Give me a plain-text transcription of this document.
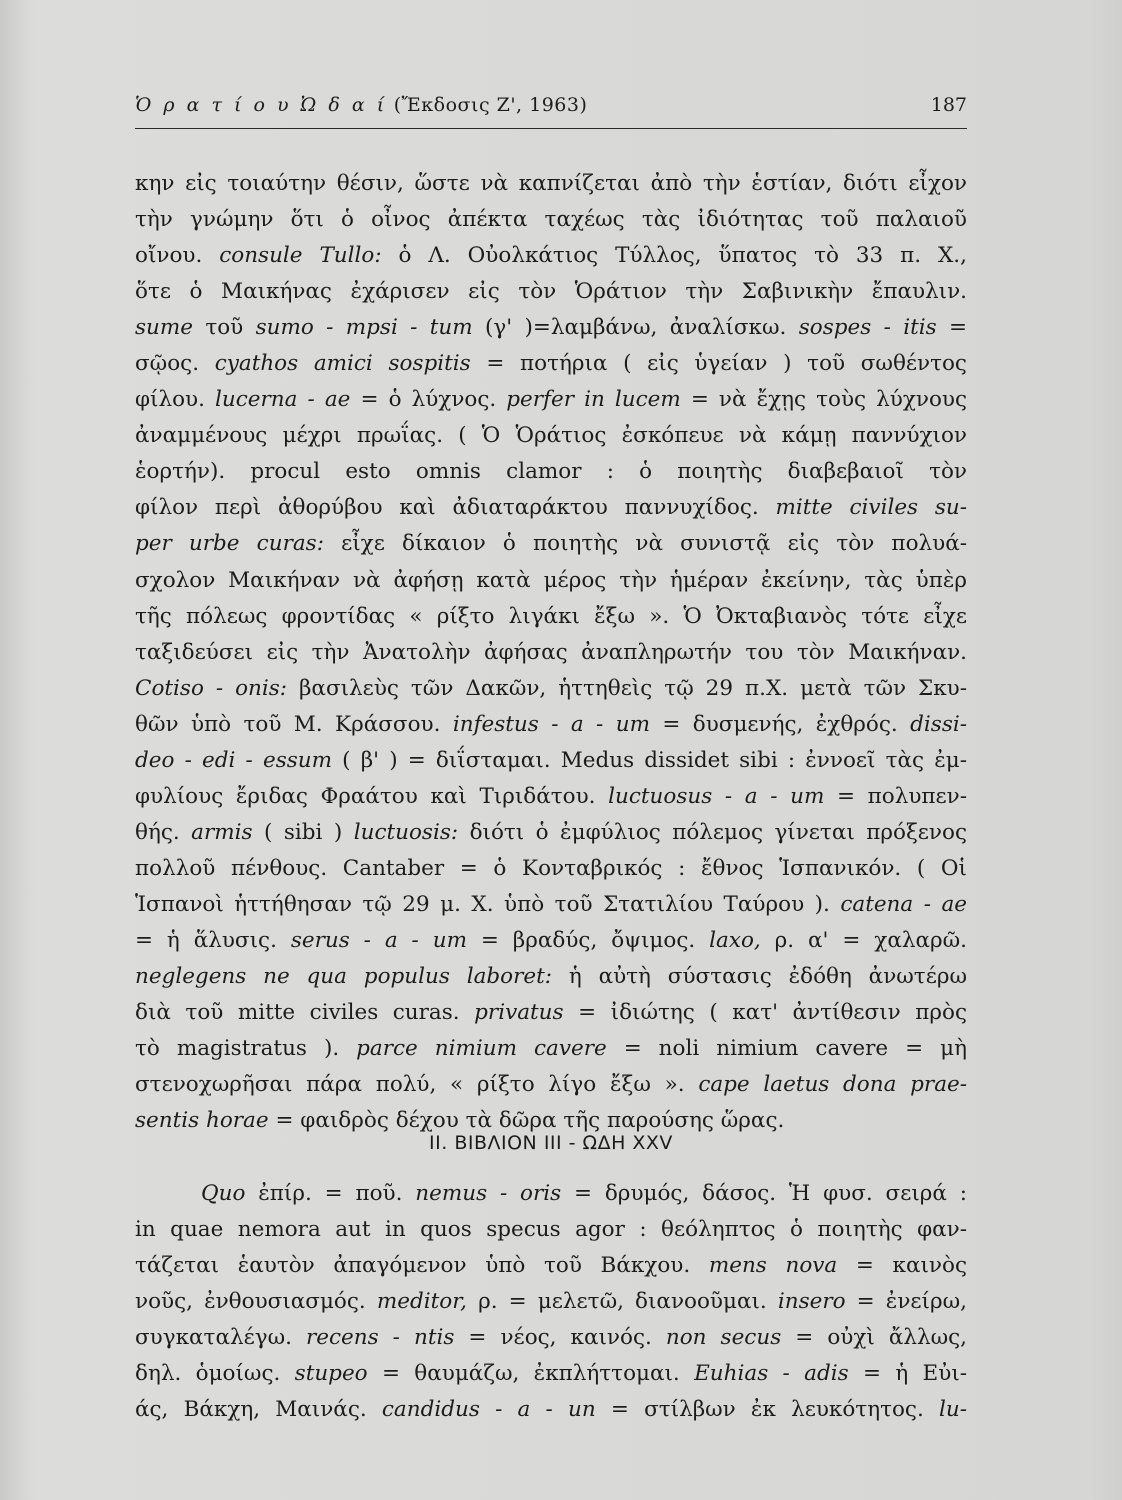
Ὁ ρ α τ ί ο υ Ὠ δ α ί (Ἔκδοσις Ζ', 1963)	187
κην εἰς τοιαύτην θέσιν, ὥστε νὰ καπνίζεται ἀπὸ τὴν ἑστίαν, διότι εἶχον
τὴν γνώμην ὅτι ὁ οἶνος ἀπέκτα ταχέως τὰς ἰδιότητας τοῦ παλαιοῦ
οἴνου. consule Tullo: ὁ Λ. Οὐολκάτιος Τύλλος, ὕπατος τὸ 33 π. Χ.,
ὅτε ὁ Μαικήνας ἐχάρισεν εἰς τὸν Ὁράτιον τὴν Σαβινικὴν ἔπαυλιν.
sume τοῦ sumo - mpsi - tum (γ' )=λαμβάνω, ἀναλίσκω. sospes - itis =
σῷος. cyathos amici sospitis = ποτήρια ( εἰς ὑγείαν ) τοῦ σωθέντος
φίλου. lucerna - ae = ὁ λύχνος. perfer in lucem = νὰ ἔχῃς τοὺς λύχνους
ἀναμμένους μέχρι πρωΐας. ( Ὁ Ὁράτιος ἐσκόπευε νὰ κάμῃ παννύχιον
ἑορτήν). procul esto omnis clamor : ὁ ποιητὴς διαβεβαιοῖ τὸν
φίλον περὶ ἀθορύβου καὶ ἀδιαταράκτου παννυχίδος. mitte civiles su-
per urbe curas: εἶχε δίκαιον ὁ ποιητὴς νὰ συνιστᾷ εἰς τὸν πολυά-
σχολον Μαικήναν νὰ ἀφήσῃ κατὰ μέρος τὴν ἡμέραν ἐκείνην, τὰς ὑπὲρ
τῆς πόλεως φροντίδας « ρίξτο λιγάκι ἔξω ». Ὁ Ὀκταβιανὸς τότε εἶχε
ταξιδεύσει εἰς τὴν Ἀνατολὴν ἀφήσας ἀναπληρωτήν του τὸν Μαικήναν.
Cotiso - onis: βασιλεὺς τῶν Δακῶν, ἡττηθεὶς τῷ 29 π.Χ. μετὰ τῶν Σκυ-
θῶν ὑπὸ τοῦ Μ. Κράσσου. infestus - a - um = δυσμενής, ἐχθρός. dissi-
deo - edi - essum ( β' ) = διΐσταμαι. Medus dissidet sibi : ἐννοεῖ τὰς ἐμ-
φυλίους ἔριδας Φραάτου καὶ Τιριδάτου. luctuosus - a - um = πολυπεν-
θής. armis ( sibi ) luctuosis: διότι ὁ ἐμφύλιος πόλεμος γίνεται πρόξενος
πολλοῦ πένθους. Cantaber = ὁ Κονταβρικός : ἔθνος Ἱσπανικόν. ( Οἱ
Ἱσπανοὶ ἡττήθησαν τῷ 29 μ. Χ. ὑπὸ τοῦ Στατιλίου Ταύρου ). catena - ae
= ἡ ἅλυσις. serus - a - um = βραδύς, ὄψιμος. laxo, ρ. α' = χαλαρῶ.
neglegens ne qua populus laboret: ἡ αὐτὴ σύστασις ἐδόθη ἀνωτέρω
διὰ τοῦ mitte civiles curas. privatus = ἰδιώτης ( κατ' ἀντίθεσιν πρὸς
τὸ magistratus ). parce nimium cavere = noli nimium cavere = μὴ
στενοχωρῆσαι πάρα πολύ, « ρίξτο λίγο ἔξω ». cape laetus dona prae-
sentis horae = φαιδρὸς δέχου τὰ δῶρα τῆς παρούσης ὥρας.
II. ΒΙΒΛΙΟΝ III - ΩΔΗ XXV
Quo ἐπίρ. = ποῦ. nemus - oris = δρυμός, δάσος. Ἡ φυσ. σειρά :
in quae nemora aut in quos specus agor : θεόληπτος ὁ ποιητὴς φαν-
τάζεται ἑαυτὸν ἀπαγόμενον ὑπὸ τοῦ Βάκχου. mens nova = καινὸς
νοῦς, ἐνθουσιασμός. meditor, ρ. = μελετῶ, διανοοῦμαι. insero = ἐνείρω,
συγκαταλέγω. recens - ntis = νέος, καινός. non secus = οὐχὶ ἄλλως,
δηλ. ὁμοίως. stupeo = θαυμάζω, ἐκπλήττομαι. Euhias - adis = ἡ Εὐι-
άς, Βάκχη, Μαινάς. candidus - a - un = στίλβων ἐκ λευκότητος. lu-
